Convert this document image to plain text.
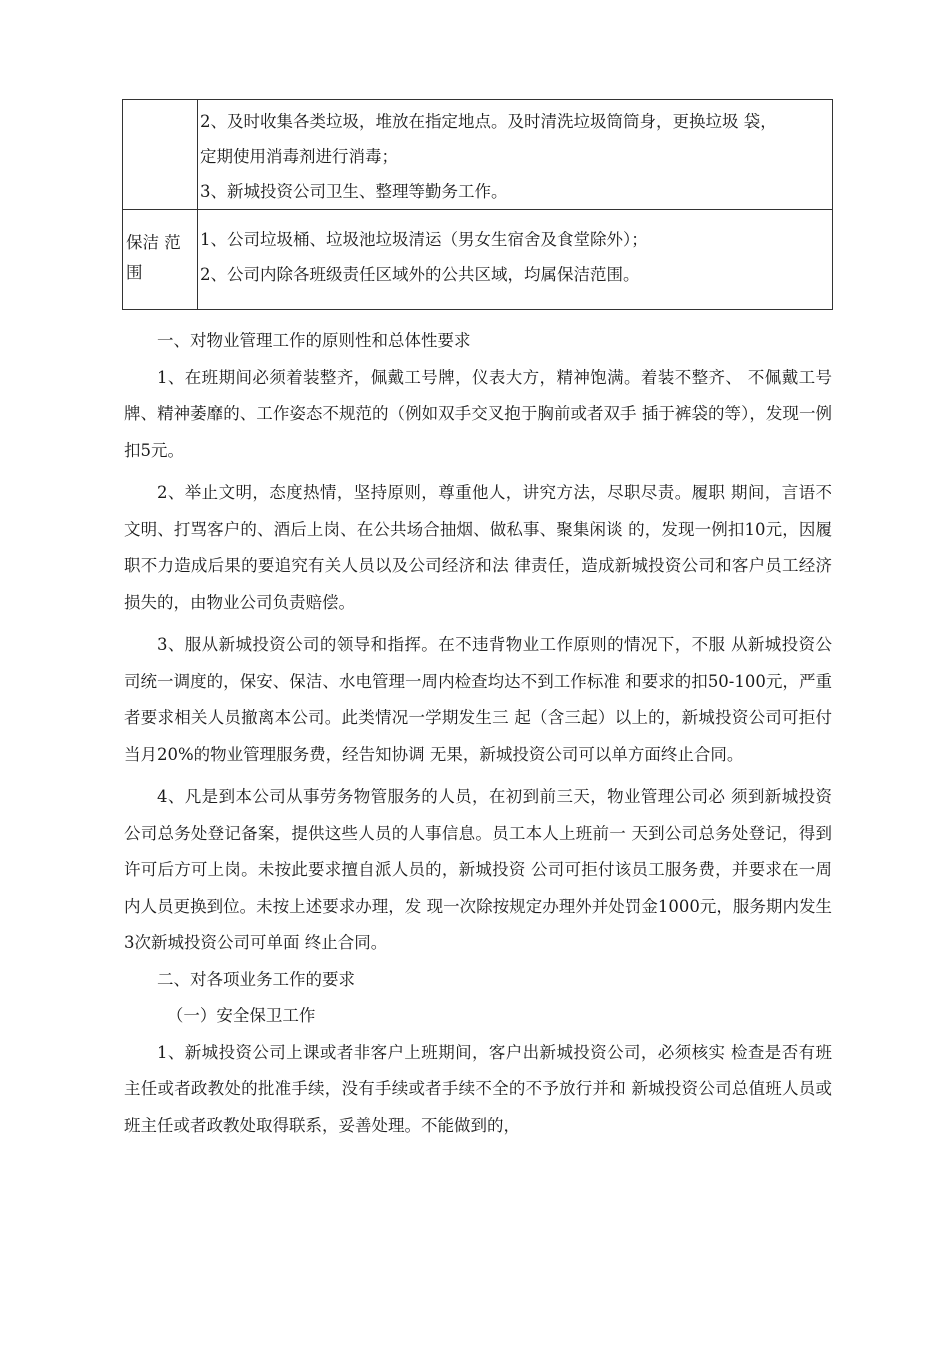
	2、及时收集各类垃圾，堆放在指定地点。及时清洗垃圾筒筒身，更换垃圾 袋，

定期使用消毒剂进行消毒；

3、新城投资公司卫生、整理等勤务工作。

保洁 范围	1、公司垃圾桶、垃圾池垃圾清运（男女生宿舍及食堂除外）；

2、公司内除各班级责任区域外的公共区域，均属保洁范围。

一、对物业管理工作的原则性和总体性要求

1、在班期间必须着装整齐，佩戴工号牌，仪表大方，精神饱满。着装不整齐、 不佩戴工号牌、精神萎靡的、工作姿态不规范的（例如双手交叉抱于胸前或者双手 插于裤袋的等），发现一例扣5元。

2、举止文明，态度热情，坚持原则，尊重他人，讲究方法，尽职尽责。履职 期间，言语不文明、打骂客户的、酒后上岗、在公共场合抽烟、做私事、聚集闲谈 的，发现一例扣10元，因履职不力造成后果的要追究有关人员以及公司经济和法 律责任，造成新城投资公司和客户员工经济损失的，由物业公司负责赔偿。

3、服从新城投资公司的领导和指挥。在不违背物业工作原则的情况下，不服 从新城投资公司统一调度的，保安、保洁、水电管理一周内检查均达不到工作标准 和要求的扣50-100元，严重者要求相关人员撤离本公司。此类情况一学期发生三 起（含三起）以上的，新城投资公司可拒付当月20%的物业管理服务费，经告知协调 无果，新城投资公司可以单方面终止合同。

4、凡是到本公司从事劳务物管服务的人员，在初到前三天，物业管理公司必 须到新城投资公司总务处登记备案，提供这些人员的人事信息。员工本人上班前一 天到公司总务处登记，得到许可后方可上岗。未按此要求擅自派人员的，新城投资 公司可拒付该员工服务费，并要求在一周内人员更换到位。未按上述要求办理，发 现一次除按规定办理外并处罚金1000元，服务期内发生3次新城投资公司可单面 终止合同。

二、对各项业务工作的要求

（一）安全保卫工作

1、新城投资公司上课或者非客户上班期间，客户出新城投资公司，必须核实 检查是否有班主任或者政教处的批准手续，没有手续或者手续不全的不予放行并和 新城投资公司总值班人员或班主任或者政教处取得联系，妥善处理。不能做到的，
